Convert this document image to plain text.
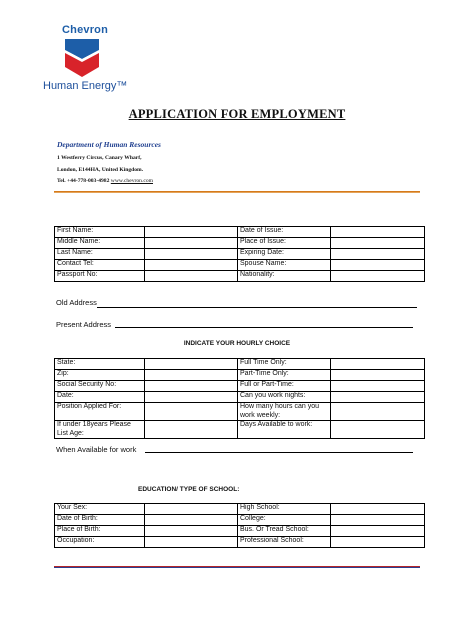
Chevron
Human Energy™
APPLICATION FOR EMPLOYMENT
Department of Human Resources
1 Westferry Circus, Canary Wharf,
London, E144HA, United Kingdom.
Tel. +44-778-003-4982 www.chevron.com
First Name:		Date of Issue:	
Middle Name:		Place of Issue:	
Last Name:		Expiring Date:	
Contact Tel:		Spouse Name:	
Passport No:		Nationality:	
Old Address
Present Address
INDICATE YOUR HOURLY CHOICE
State:		Full Time Only:	
Zip:		Part-Time Only:	
Social Security No:		Full or Part-Time:	
Date:		Can you work nights:	
Position Applied For:		How many hours can you work weekly:	
If under 18years Please List Age:		Days Available to work:	
When Available for work
EDUCATION/ TYPE OF SCHOOL:
Your Sex:		High School:	
Date of Birth:		College:	
Place of Birth:		Bus. Or Tread School:	
Occupation:		Professional School:	
